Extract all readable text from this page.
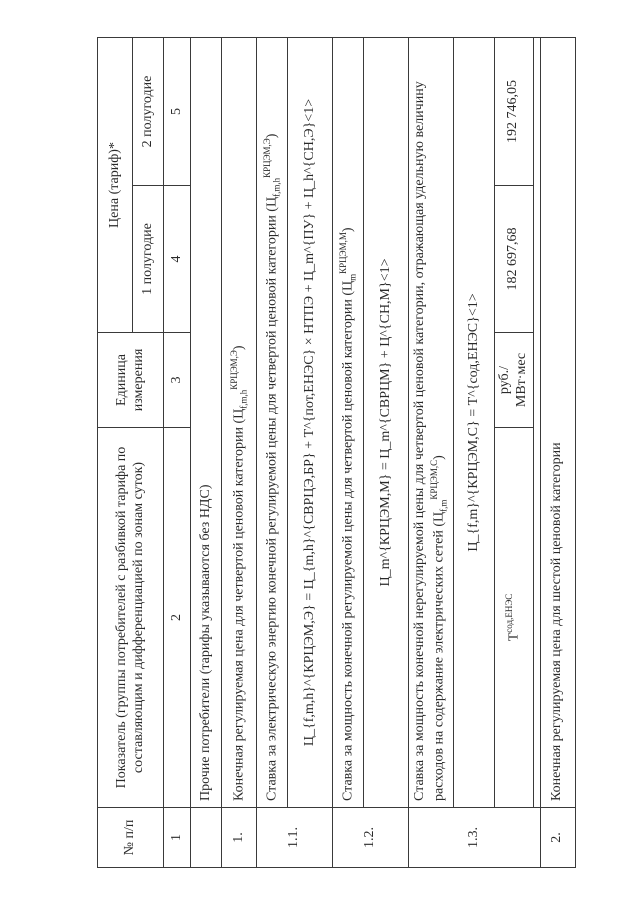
№ п/п	Показатель (группы потребителей с разбивкой тарифа по составляющим и дифференциацией по зонам суток)	Единица измерения	Цена (тариф)*	
			1 полугодие	2 полугодие
1	2	3	4	5
	Прочие потребители (тарифы указываются без НДС)			
1.	Конечная регулируемая цена для четвертой ценовой категории $(Ц_{f,m,h}^{КРЦЭМ,Э})$			
1.1.	Ставка за электрическую энергию конечной регулируемой цены для четвертой ценовой категории $(Ц_{f,m,h}^{КРЦЭМ,Э})$			
	Ц_{f,m,h}^{КРЦЭМ,Э} = Ц_{m,h}^{СВРЦЭ,БР} + Т^{пот,ЕНЭС} × НТПЭ + Ц_m^{ПУ} + Ц_h^{СН,Э}<1>			
1.2.	Ставка за мощность конечной регулируемой цены для четвертой ценовой категории $(Ц_m^{КРЦЭМ,М})$			
	Ц_m^{КРЦЭМ,М} = Ц_m^{СВРЦМ} + Ц^{СН,М}<1>			
1.3.	Ставка за мощность конечной нерегулируемой цены для четвертой ценовой категории, отражающая удельную величину расходов на содержание электрических сетей $(Ц_{f,m}^{КРЦЭМ,С})$			
	Ц_{f,m}^{КРЦЭМ,С} = Т^{сод,ЕНЭС}<1>			
	$Т^{сод,ЕНЭС}$	руб./ МВт·мес	182 697,68	192 746,05

2.	Конечная регулируемая цена для шестой ценовой категории			
